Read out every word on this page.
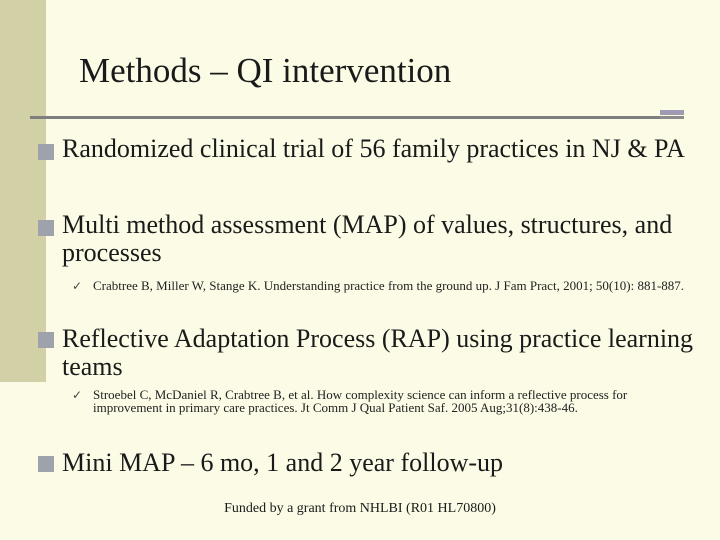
Methods – QI intervention
Randomized clinical trial of 56 family practices in NJ & PA
Multi method assessment (MAP) of values, structures, and processes
✓ Crabtree B, Miller W, Stange K. Understanding practice from the ground up. J Fam Pract, 2001; 50(10): 881-887.
Reflective Adaptation Process (RAP) using practice learning teams
✓ Stroebel C, McDaniel R, Crabtree B, et al. How complexity science can inform a reflective process for improvement in primary care practices. Jt Comm J Qual Patient Saf. 2005 Aug;31(8):438-46.
Mini MAP – 6 mo, 1 and 2 year follow-up
Funded by a grant from NHLBI (R01 HL70800)
